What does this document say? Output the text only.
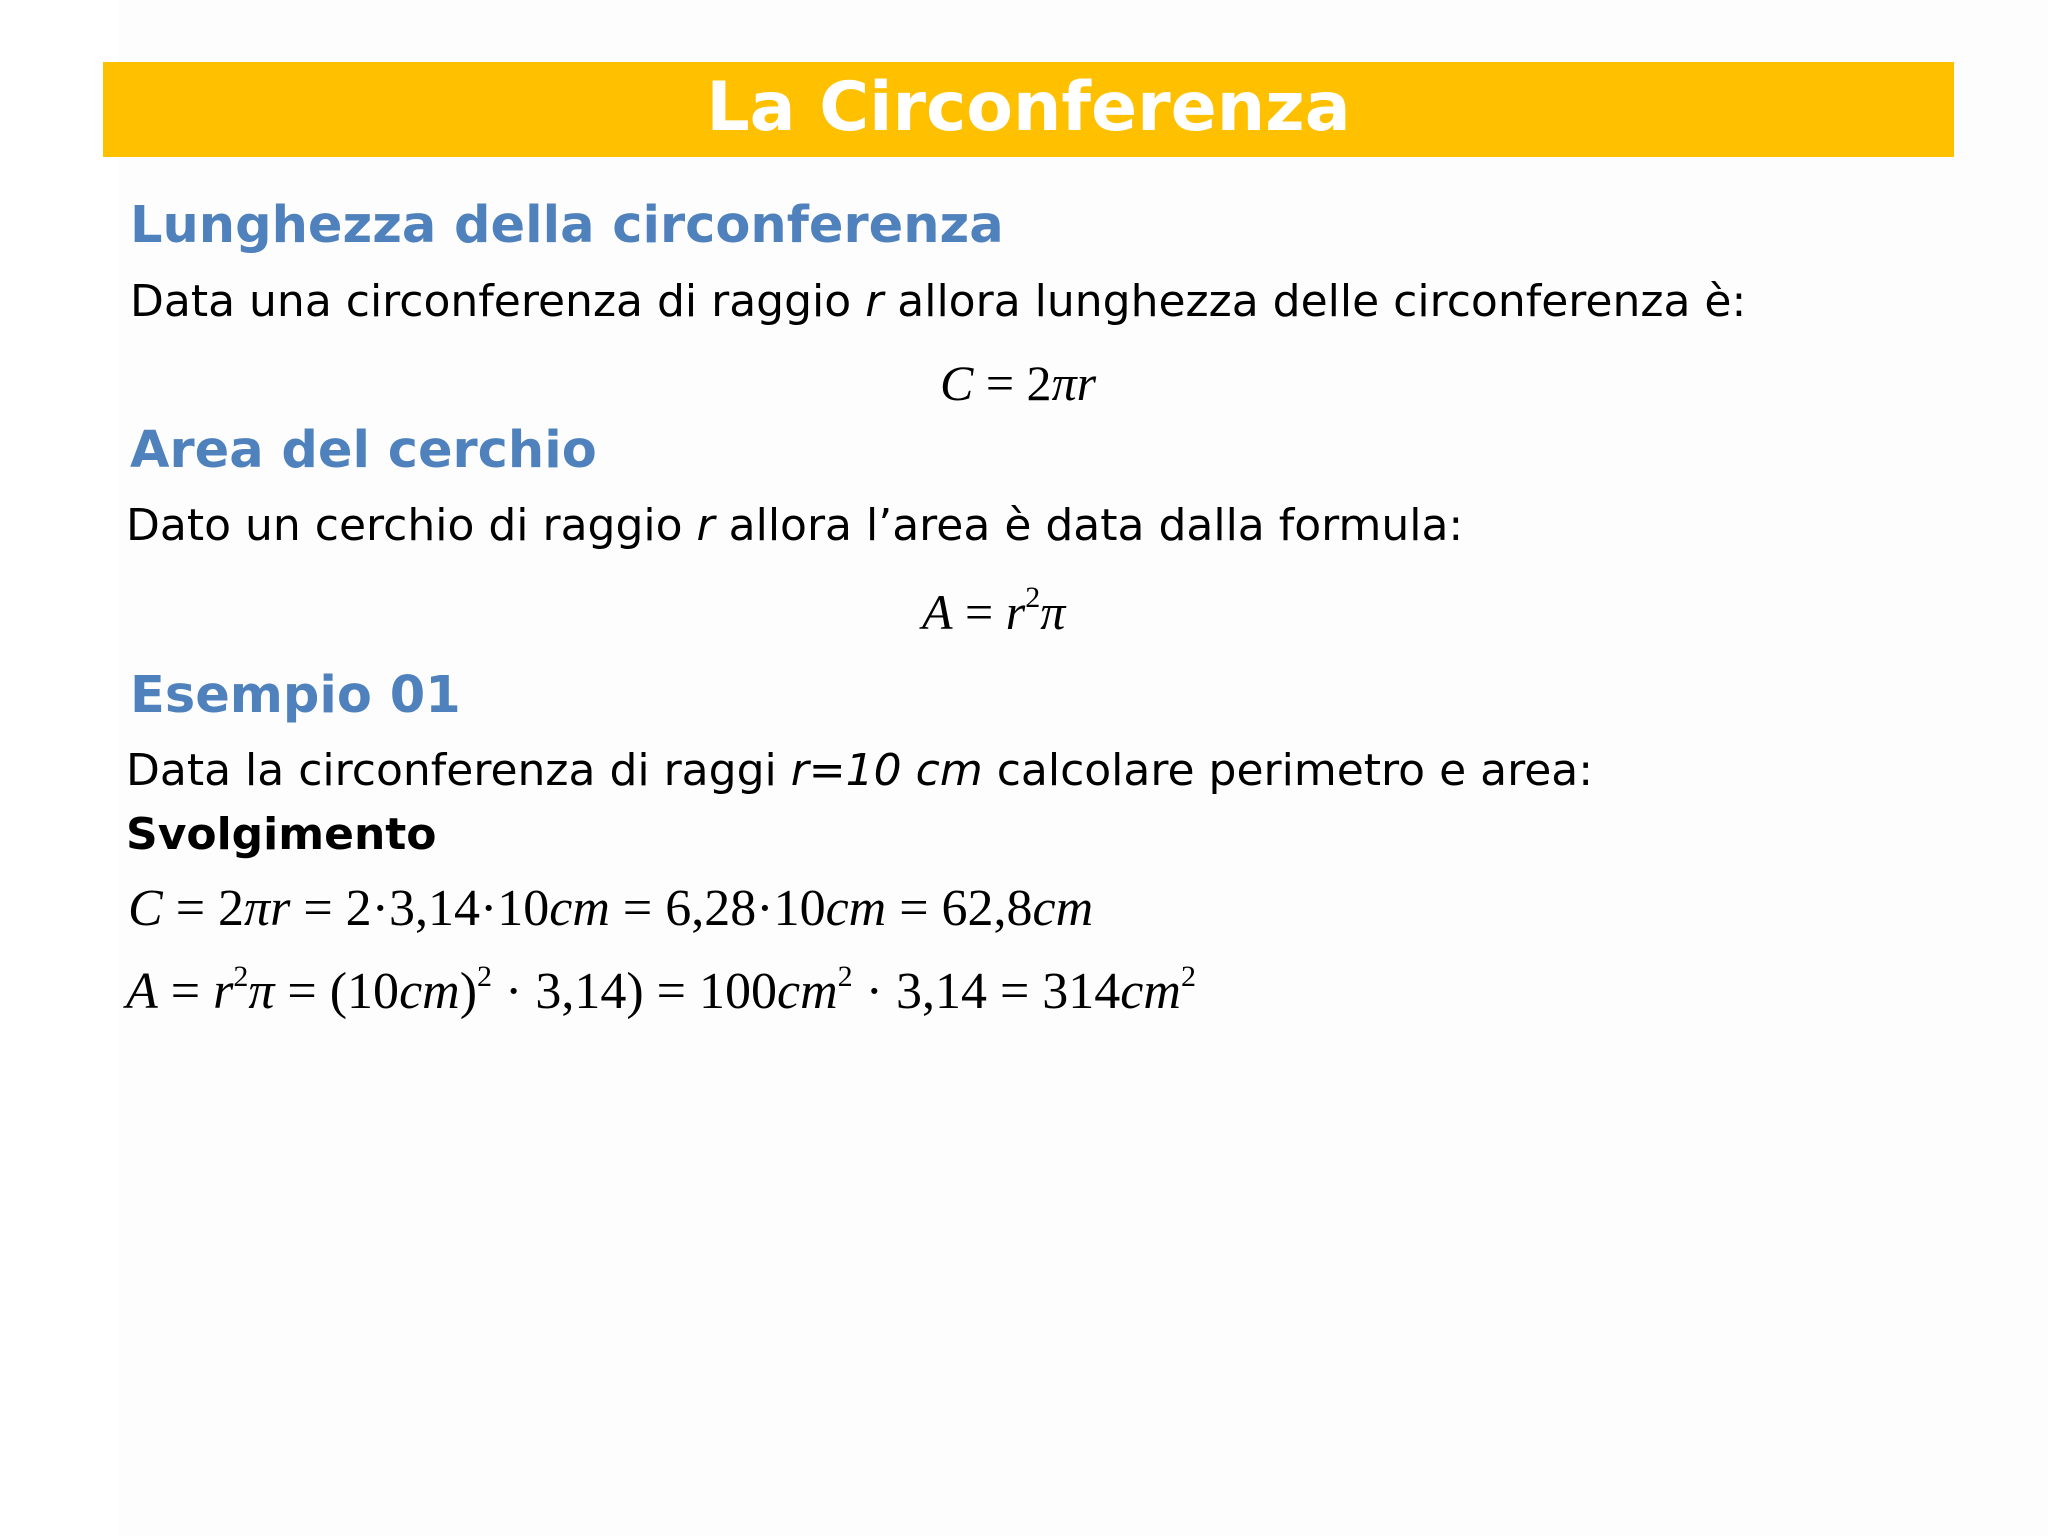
La Circonferenza
Lunghezza della circonferenza
Data una circonferenza di raggio r allora lunghezza delle circonferenza è:
C = 2πr
Area del cerchio
Dato un cerchio di raggio r allora l’area è data dalla formula:
$A = r^2\pi$
Esempio 01
Data la circonferenza di raggi r=10 cm calcolare perimetro e area:
Svolgimento
C = 2πr = 2·3,14·10cm = 6,28·10cm = 62,8cm
$A = r^2\pi = (10cm)^2 \cdot 3,14) = 100cm^2 \cdot 3,14 = 314cm^2$
